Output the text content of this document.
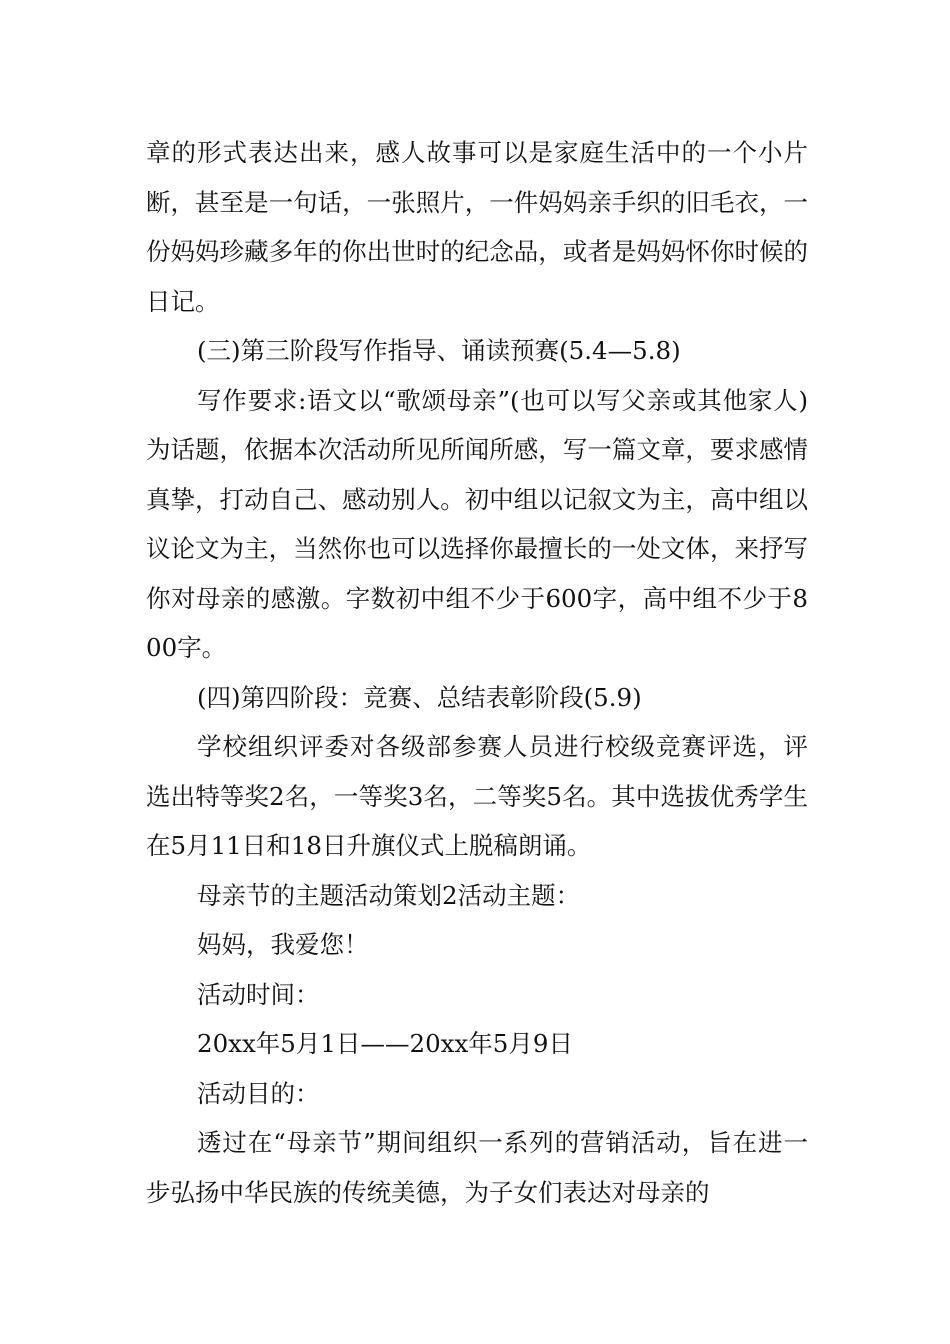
章的形式表达出来，感人故事可以是家庭生活中的一个小片断，甚至是一句话，一张照片，一件妈妈亲手织的旧毛衣，一份妈妈珍藏多年的你出世时的纪念品，或者是妈妈怀你时候的日记。

(三)第三阶段写作指导、诵读预赛(5.4—5.8)

写作要求:语文以“歌颂母亲”(也可以写父亲或其他家人)为话题，依据本次活动所见所闻所感，写一篇文章，要求感情真挚，打动自己、感动别人。初中组以记叙文为主，高中组以议论文为主，当然你也可以选择你最擅长的一处文体，来抒写你对母亲的感激。字数初中组不少于600字，高中组不少于800字。

(四)第四阶段：竞赛、总结表彰阶段(5.9)

学校组织评委对各级部参赛人员进行校级竞赛评选，评选出特等奖2名，一等奖3名，二等奖5名。其中选拔优秀学生在5月11日和18日升旗仪式上脱稿朗诵。

母亲节的主题活动策划2活动主题：

妈妈，我爱您！

活动时间：

20xx年5月1日——20xx年5月9日

活动目的：

透过在“母亲节”期间组织一系列的营销活动，旨在进一步弘扬中华民族的传统美德，为子女们表达对母亲的
